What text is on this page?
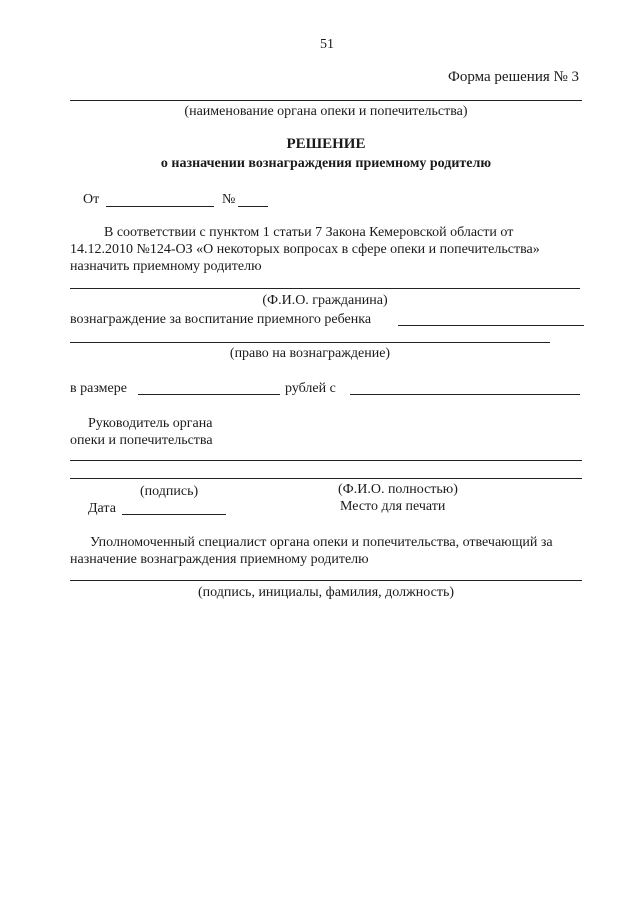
51
Форма решения № 3
(наименование органа опеки и попечительства)
РЕШЕНИЕ
о назначении вознаграждения приемному родителю
От	№
В соответствии с пунктом 1 статьи 7 Закона Кемеровской области от
14.12.2010 №124-ОЗ «О некоторых вопросах в сфере опеки и попечительства»
назначить приемному родителю
(Ф.И.О. гражданина)
вознаграждение за воспитание приемного ребенка
(право на вознаграждение)
в размере	рублей с
Руководитель органа
опеки и попечительства
(подпись)	(Ф.И.О. полностью)
Дата	Место для печати
Уполномоченный специалист органа опеки и попечительства, отвечающий за
назначение вознаграждения приемному родителю
(подпись, инициалы, фамилия, должность)
